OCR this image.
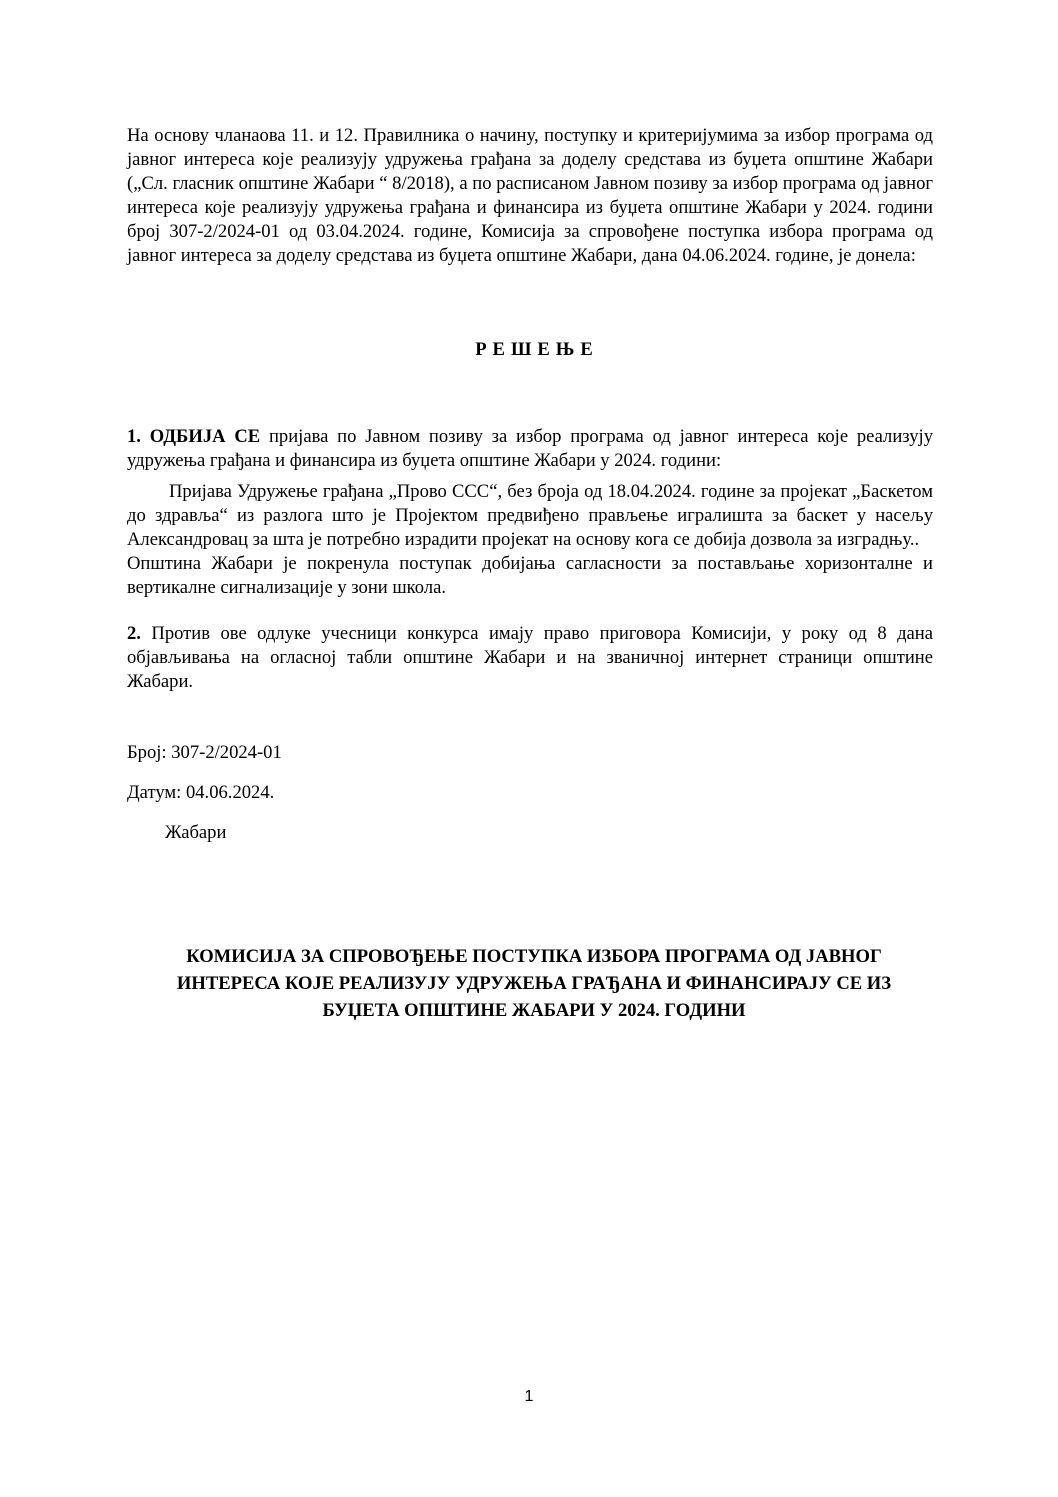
На основу чланаова 11. и 12. Правилника о начину, поступку и критеријумима за избор програма од јавног интереса које реализују удружења грађана за доделу средстава из буџета општине Жабари („Сл. гласник општине Жабари “ 8/2018), а по расписаном Јавном позиву за избор програма од јавног интереса које реализују удружења грађана и финансира из буџета општине Жабари у 2024. години број 307-2/2024-01 од 03.04.2024. године, Комисија за спровођене поступка избора програма од јавног интереса за доделу средстава из буџета општине Жабари, дана 04.06.2024. године, је донела:

РЕШЕЊЕ

1. ОДБИЈА СЕ пријава по Јавном позиву за избор програма од јавног интереса које реализују удружења грађана и финансира из буџета општине Жабари у 2024. години:

Пријава Удружење грађана „Прово ССС“, без броја од 18.04.2024. године за пројекат „Баскетом до здравља“ из разлога што је Пројектом предвиђено прављење игралишта за баскет у насељу Александровац за шта је потребно израдити пројекат на основу кога се добија дозвола за изградњу..

Општина Жабари је покренула поступак добијања сагласности за постављање хоризонталне и вертикалне сигнализације у зони школа.

2. Против ове одлуке учесници конкурса имају право приговора Комисији, у року од 8 дана објављивања на огласној табли општине Жабари и на званичној интернет страници општине Жабари.

Број: 307-2/2024-01
Датум: 04.06.2024.
Жабари
КОМИСИЈА ЗА СПРОВОЂЕЊЕ ПОСТУПКА ИЗБОРА ПРОГРАМА ОД ЈАВНОГ
ИНТЕРЕСА КОЈЕ РЕАЛИЗУЈУ УДРУЖЕЊА ГРАЂАНА И ФИНАНСИРАЈУ СЕ ИЗ
БУЏЕТА ОПШТИНЕ ЖАБАРИ У 2024. ГОДИНИ
1
